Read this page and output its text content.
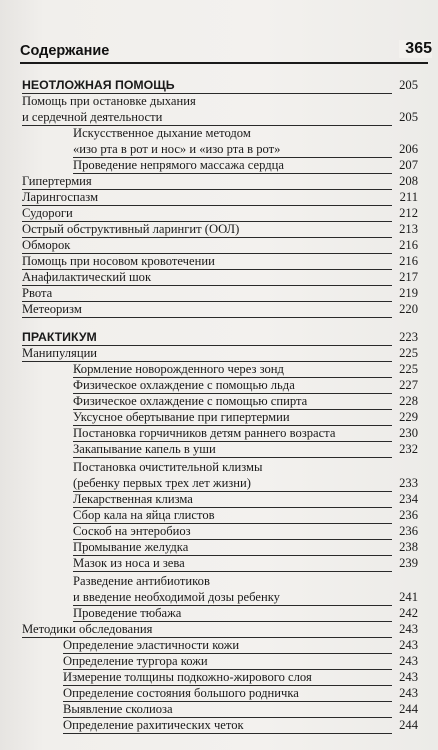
Содержание	365
НЕОТЛОЖНАЯ ПОМОЩЬ	205
Помощь при остановке дыхания
и сердечной деятельности	205
Искусственное дыхание методом
«изо рта в рот и нос» и «изо рта в рот»	206
Проведение непрямого массажа сердца	207
Гипертермия	208
Ларингоспазм	211
Судороги	212
Острый обструктивный ларингит (ООЛ)	213
Обморок	216
Помощь при носовом кровотечении	216
Анафилактический шок	217
Рвота	219
Метеоризм	220
ПРАКТИКУМ	223
Манипуляции	225
Кормление новорожденного через зонд	225
Физическое охлаждение с помощью льда	227
Физическое охлаждение с помощью спирта	228
Уксусное обертывание при гипертермии	229
Постановка горчичников детям раннего возраста	230
Закапывание капель в уши	232
Постановка очистительной клизмы
(ребенку первых трех лет жизни)	233
Лекарственная клизма	234
Сбор кала на яйца глистов	236
Соскоб на энтеробиоз	236
Промывание желудка	238
Мазок из носа и зева	239
Разведение антибиотиков
и введение необходимой дозы ребенку	241
Проведение тюбажа	242
Методики обследования	243
Определение эластичности кожи	243
Определение тургора кожи	243
Измерение толщины подкожно-жирового слоя	243
Определение состояния большого родничка	243
Выявление сколиоза	244
Определение рахитических четок	244
